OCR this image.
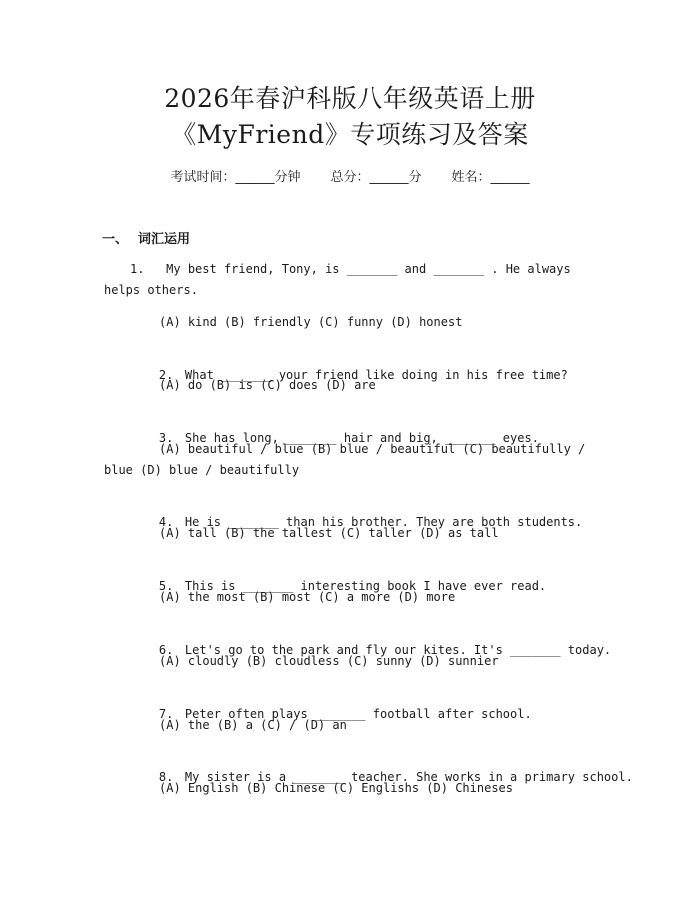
2026年春沪科版八年级英语上册
《MyFriend》专项练习及答案
考试时间：______分钟 总分：______分 姓名：______
一、 词汇运用
1. My best friend, Tony, is _______ and _______ . He always helps others.
(A) kind (B) friendly (C) funny (D) honest

2. What _______ your friend like doing in his free time?

(A) do (B) is (C) does (D) are

3. She has long, _______ hair and big, _______ eyes.

(A) beautiful / blue (B) blue / beautiful (C) beautifully / blue (D) blue / beautifully

4. He is _______ than his brother. They are both students.

(A) tall (B) the tallest (C) taller (D) as tall

5. This is _______ interesting book I have ever read.

(A) the most (B) most (C) a more (D) more

6. Let's go to the park and fly our kites. It's _______ today.

(A) cloudly (B) cloudless (C) sunny (D) sunnier

7. Peter often plays _______ football after school.

(A) the (B) a (C) / (D) an

8. My sister is a _______ teacher. She works in a primary school.

(A) English (B) Chinese (C) Englishs (D) Chineses
